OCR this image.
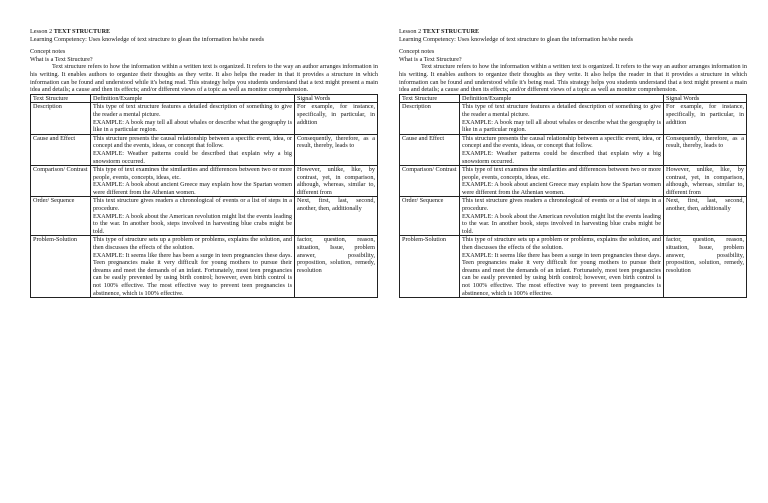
Lesson 2 TEXT STRUCTURE
Learning Competency: Uses knowledge of text structure to glean the information he/she needs
Concept notes
What is a Text Structure?

Text structure refers to how the information within a written text is organized. It refers to the way an author arranges information in his writing. It enables authors to organize their thoughts as they write. It also helps the reader in that it provides a structure in which information can be found and understood while it's being read. This strategy helps you students understand that a text might present a main idea and details; a cause and then its effects; and/or different views of a topic as well as monitor comprehension.

Text Structure	Definition/Example	Signal Words
Description	This type of text structure features a detailed description of something to give the reader a mental picture.
EXAMPLE: A book may tell all about whales or describe what the geography is like in a particular region.	For example, for instance, specifically, in particular, in addition
Cause and Effect	This structure presents the causal relationship between a specific event, idea, or concept and the events, ideas, or concept that follow.
EXAMPLE: Weather patterns could be described that explain why a big snowstorm occurred.	Consequently, therefore, as a result, thereby, leads to
Comparison/ Contrast	This type of text examines the similarities and differences between two or more people, events, concepts, ideas, etc.
EXAMPLE: A book about ancient Greece may explain how the Spartan women were different from the Athenian women.	However, unlike, like, by contrast, yet, in comparison, although, whereas, similar to, different from
Order/ Sequence	This text structure gives readers a chronological of events or a list of steps in a procedure.
EXAMPLE: A book about the American revolution might list the events leading to the war. In another book, steps involved in harvesting blue crabs might be told.	Next, first, last, second, another, then, additionally
Problem-Solution	This type of structure sets up a problem or problems, explains the solution, and then discusses the effects of the solution.
EXAMPLE: It seems like there has been a surge in teen pregnancies these days. Teen pregnancies make it very difficult for young mothers to pursue their dreams and meet the demands of an infant. Fortunately, most teen pregnancies can be easily prevented by using birth control; however, even birth control is not 100% effective. The most effective way to prevent teen pregnancies is abstinence, which is 100% effective.	factor, question, reason, situation, Issue, problem answer, possibility, proposition, solution, remedy, resolution
Lesson 2 TEXT STRUCTURE
Learning Competency: Uses knowledge of text structure to glean the information he/she needs
Concept notes
What is a Text Structure?

Text structure refers to how the information within a written text is organized. It refers to the way an author arranges information in his writing. It enables authors to organize their thoughts as they write. It also helps the reader in that it provides a structure in which information can be found and understood while it's being read. This strategy helps you students understand that a text might present a main idea and details; a cause and then its effects; and/or different views of a topic as well as monitor comprehension.

Text Structure	Definition/Example	Signal Words
Description	This type of text structure features a detailed description of something to give the reader a mental picture.
EXAMPLE: A book may tell all about whales or describe what the geography is like in a particular region.	For example, for instance, specifically, in particular, in addition
Cause and Effect	This structure presents the causal relationship between a specific event, idea, or concept and the events, ideas, or concept that follow.
EXAMPLE: Weather patterns could be described that explain why a big snowstorm occurred.	Consequently, therefore, as a result, thereby, leads to
Comparison/ Contrast	This type of text examines the similarities and differences between two or more people, events, concepts, ideas, etc.
EXAMPLE: A book about ancient Greece may explain how the Spartan women were different from the Athenian women.	However, unlike, like, by contrast, yet, in comparison, although, whereas, similar to, different from
Order/ Sequence	This text structure gives readers a chronological of events or a list of steps in a procedure.
EXAMPLE: A book about the American revolution might list the events leading to the war. In another book, steps involved in harvesting blue crabs might be told.	Next, first, last, second, another, then, additionally
Problem-Solution	This type of structure sets up a problem or problems, explains the solution, and then discusses the effects of the solution.
EXAMPLE: It seems like there has been a surge in teen pregnancies these days. Teen pregnancies make it very difficult for young mothers to pursue their dreams and meet the demands of an infant. Fortunately, most teen pregnancies can be easily prevented by using birth control; however, even birth control is not 100% effective. The most effective way to prevent teen pregnancies is abstinence, which is 100% effective.	factor, question, reason, situation, Issue, problem answer, possibility, proposition, solution, remedy, resolution
